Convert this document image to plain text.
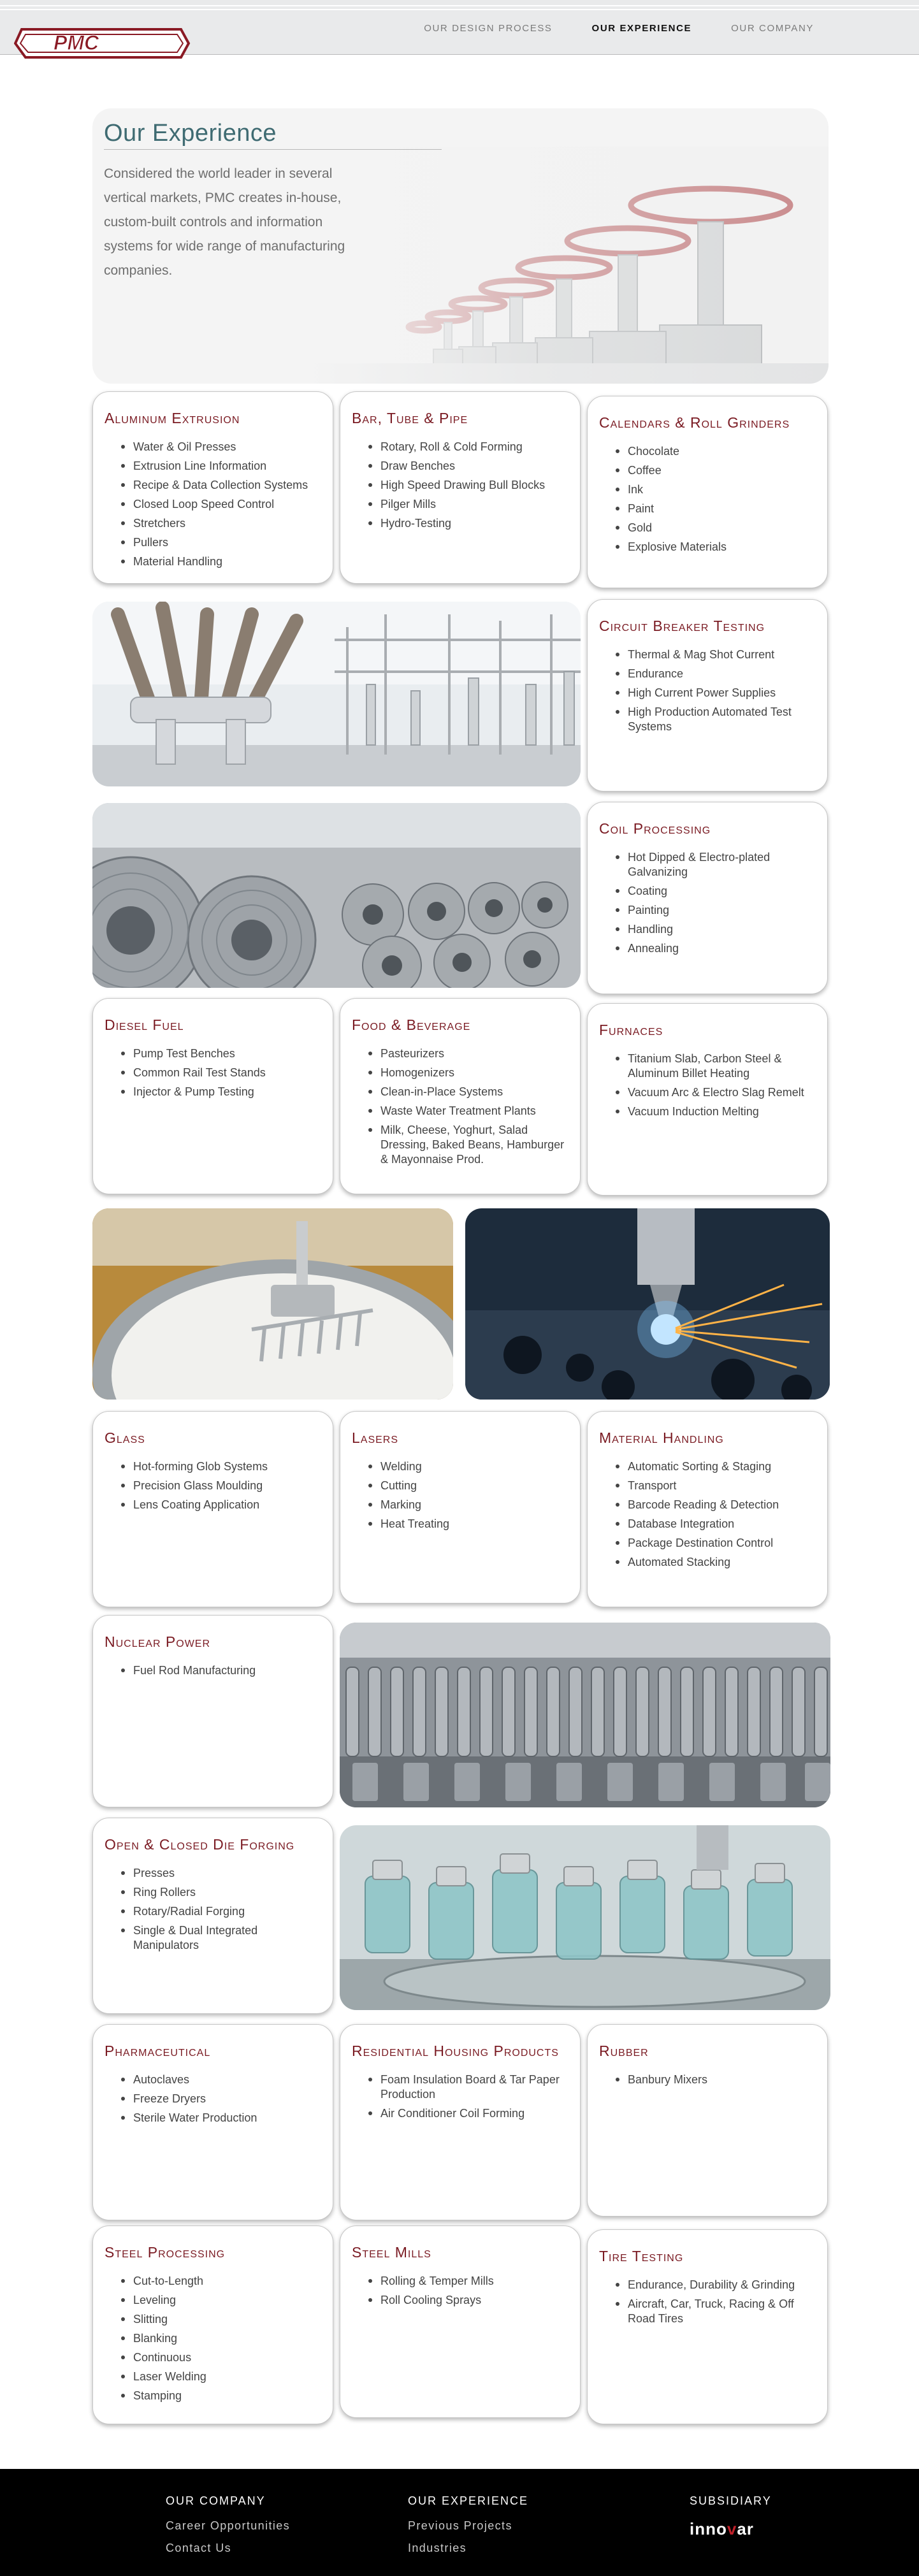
OUR DESIGN PROCESS	OUR EXPERIENCE	OUR COMPANY
PMC
Our Experience

Considered the world leader in several vertical markets, PMC creates in-house, custom-built controls and information systems for wide range of manufacturing companies.

Aluminum Extrusion
Water & Oil Presses
Extrusion Line Information
Recipe & Data Collection Systems
Closed Loop Speed Control
Stretchers
Pullers
Material Handling
Bar, Tube & Pipe
Rotary, Roll & Cold Forming
Draw Benches
High Speed Drawing Bull Blocks
Pilger Mills
Hydro-Testing
Calendars & Roll Grinders
Chocolate
Coffee
Ink
Paint
Gold
Explosive Materials
Circuit Breaker Testing
Thermal & Mag Shot Current
Endurance
High Current Power Supplies
High Production Automated Test Systems
Coil Processing
Hot Dipped & Electro-plated Galvanizing
Coating
Painting
Handling
Annealing
Diesel Fuel
Pump Test Benches
Common Rail Test Stands
Injector & Pump Testing
Food & Beverage
Pasteurizers
Homogenizers
Clean-in-Place Systems
Waste Water Treatment Plants
Milk, Cheese, Yoghurt, Salad Dressing, Baked Beans, Hamburger & Mayonnaise Prod.
Furnaces
Titanium Slab, Carbon Steel & Aluminum Billet Heating
Vacuum Arc & Electro Slag Remelt
Vacuum Induction Melting
Glass
Hot-forming Glob Systems
Precision Glass Moulding
Lens Coating Application
Lasers
Welding
Cutting
Marking
Heat Treating
Material Handling
Automatic Sorting & Staging
Transport
Barcode Reading & Detection
Database Integration
Package Destination Control
Automated Stacking
Nuclear Power
Fuel Rod Manufacturing
Open & Closed Die Forging
Presses
Ring Rollers
Rotary/Radial Forging
Single & Dual Integrated Manipulators
Pharmaceutical
Autoclaves
Freeze Dryers
Sterile Water Production
Residential Housing Products
Foam Insulation Board & Tar Paper Production
Air Conditioner Coil Forming
Rubber
Banbury Mixers
Steel Processing
Cut-to-Length
Leveling
Slitting
Blanking
Continuous
Laser Welding
Stamping
Steel Mills
Rolling & Temper Mills
Roll Cooling Sprays
Tire Testing
Endurance, Durability & Grinding
Aircraft, Car, Truck, Racing & Off Road Tires
OUR COMPANY
Career Opportunities
Contact Us
OUR EXPERIENCE
Previous Projects
Industries
SUBSIDIARY
innovar
